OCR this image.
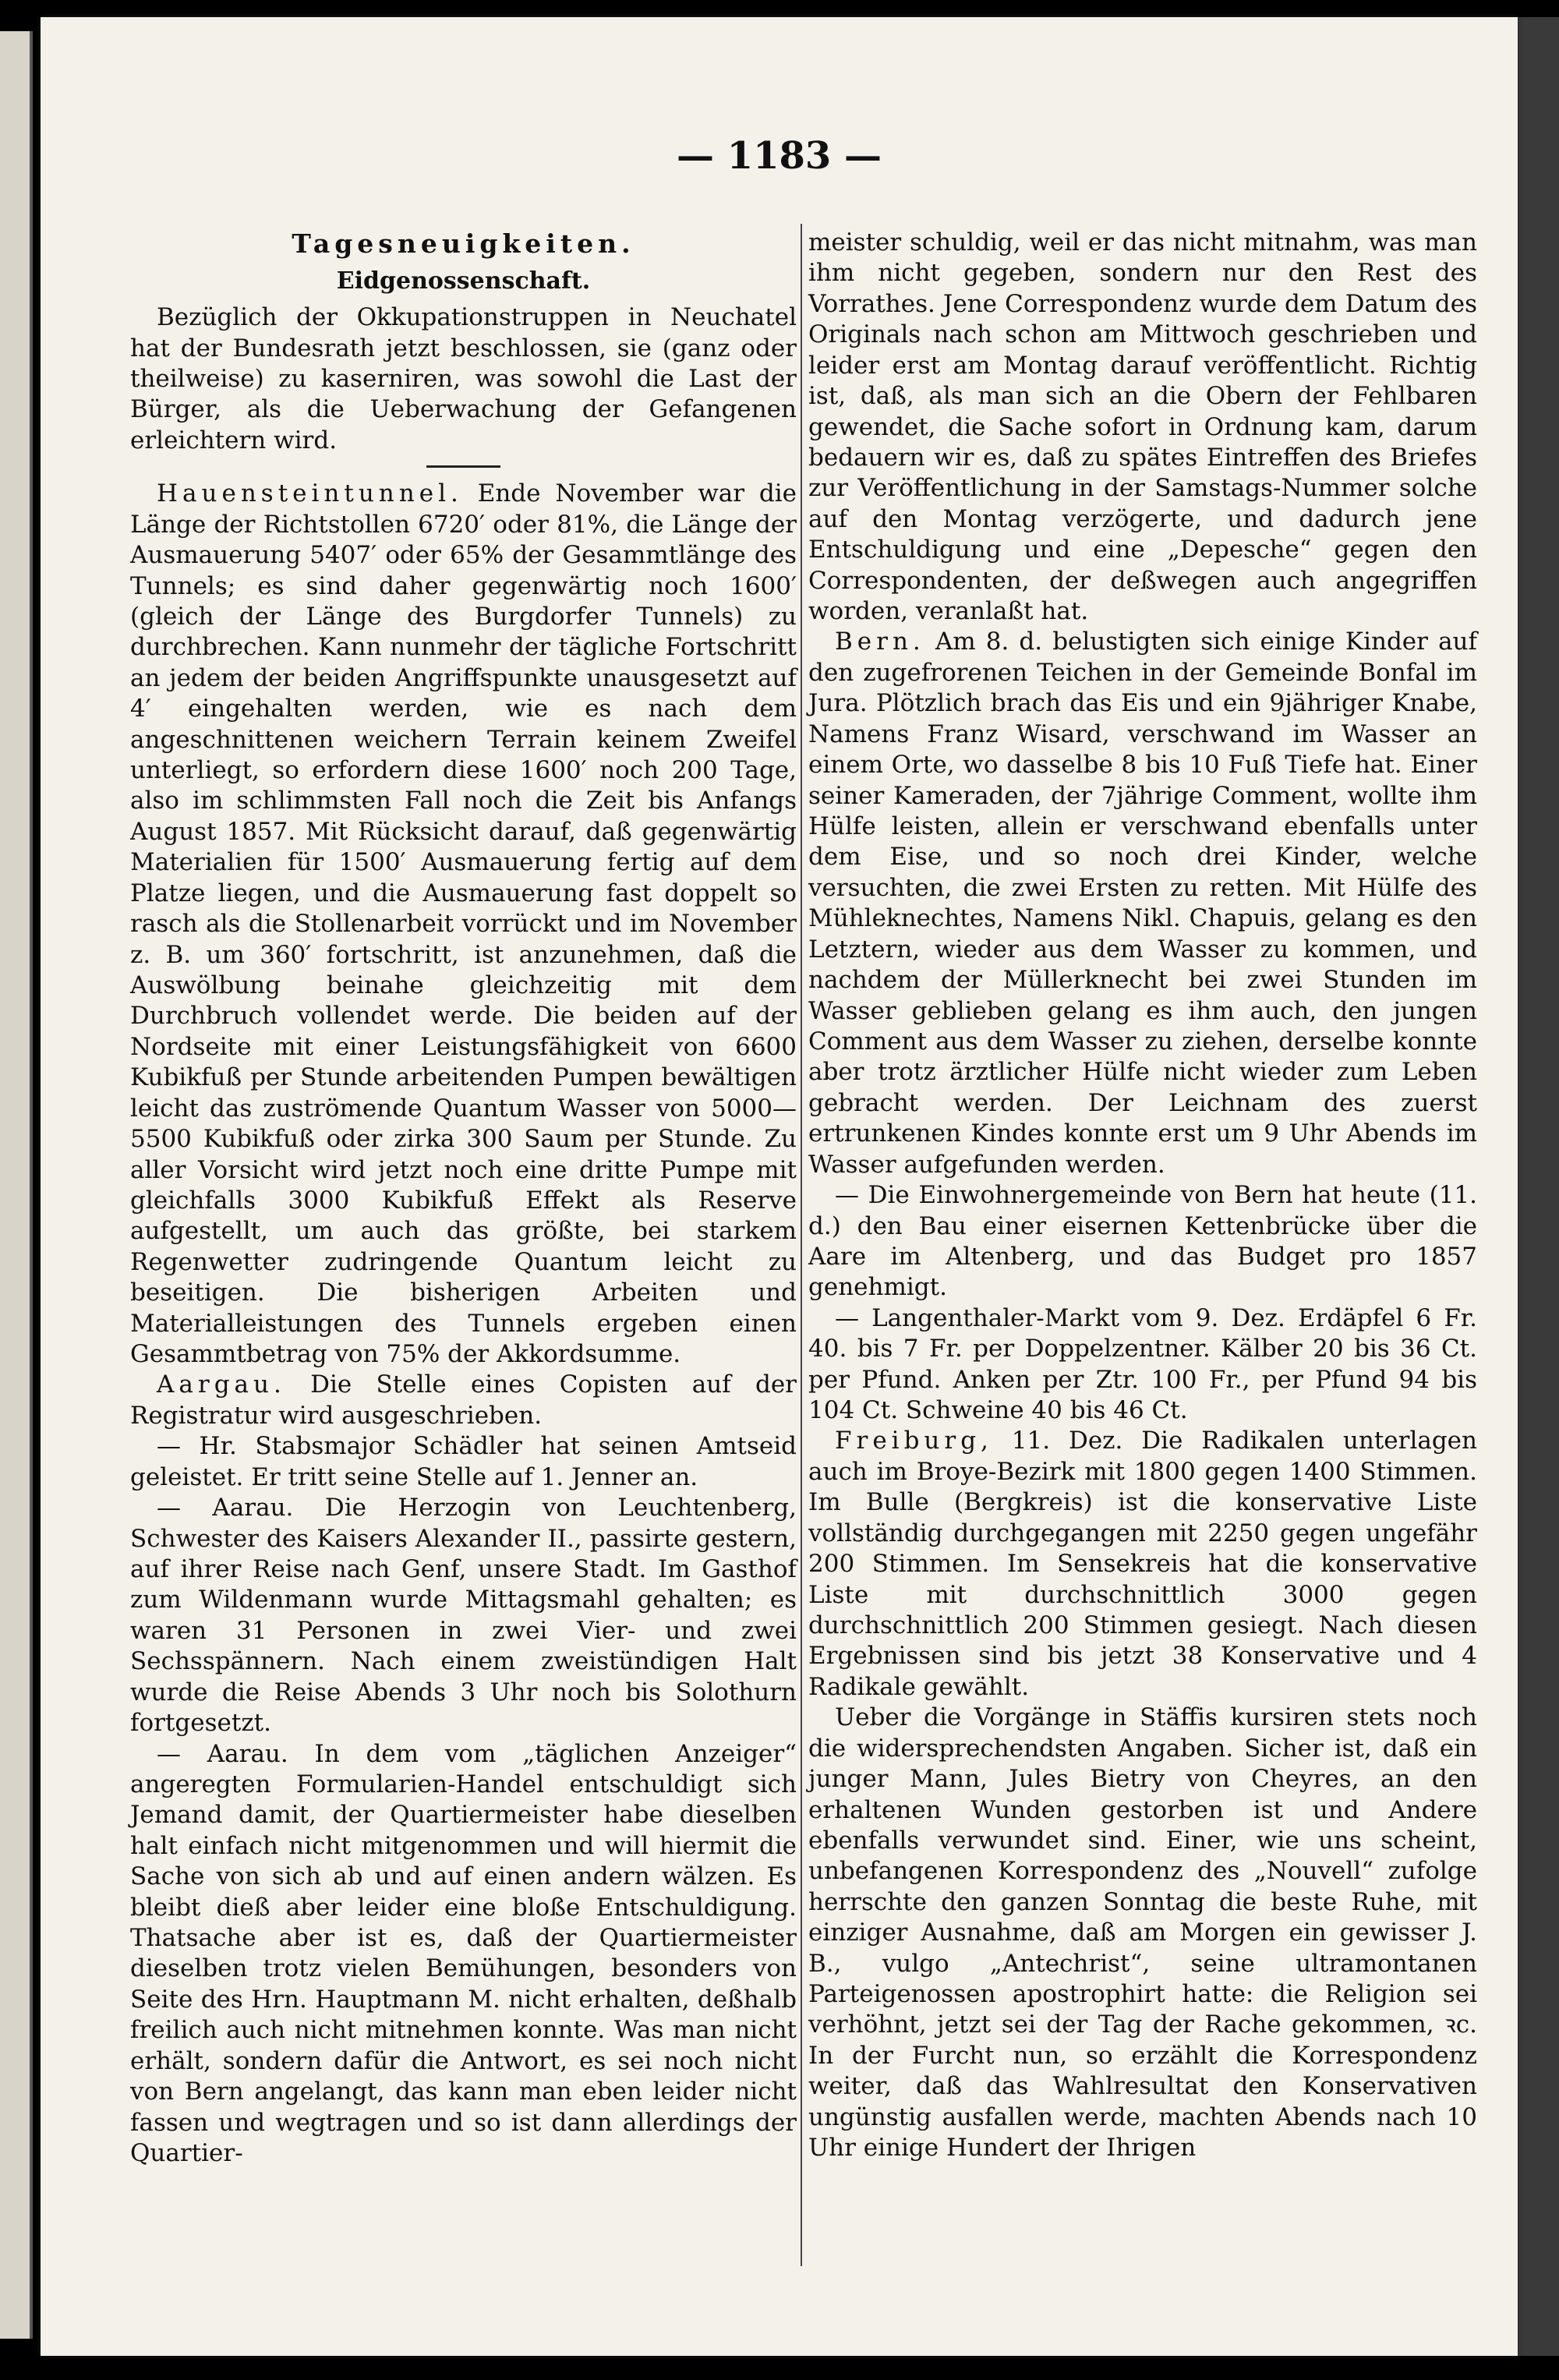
— 1183 —
Tagesneuigkeiten.
Eidgenossenschaft.

Bezüglich der Okkupationstruppen in Neuchatel hat der Bundesrath jetzt beschlossen, sie (ganz oder theilweise) zu kaserniren, was sowohl die Last der Bürger, als die Ueberwachung der Gefangenen erleichtern wird.

Hauensteintunnel. Ende November war die Länge der Richtstollen 6720′ oder 81%, die Länge der Ausmauerung 5407′ oder 65% der Gesammtlänge des Tunnels; es sind daher gegenwärtig noch 1600′ (gleich der Länge des Burgdorfer Tunnels) zu durchbrechen. Kann nunmehr der tägliche Fortschritt an jedem der beiden Angriffspunkte unausgesetzt auf 4′ eingehalten werden, wie es nach dem angeschnittenen weichern Terrain keinem Zweifel unterliegt, so erfordern diese 1600′ noch 200 Tage, also im schlimmsten Fall noch die Zeit bis Anfangs August 1857. Mit Rücksicht darauf, daß gegenwärtig Materialien für 1500′ Ausmauerung fertig auf dem Platze liegen, und die Ausmauerung fast doppelt so rasch als die Stollenarbeit vorrückt und im November z. B. um 360′ fortschritt, ist anzunehmen, daß die Auswölbung beinahe gleichzeitig mit dem Durchbruch vollendet werde. Die beiden auf der Nordseite mit einer Leistungsfähigkeit von 6600 Kubikfuß per Stunde arbeitenden Pumpen bewältigen leicht das zuströmende Quantum Wasser von 5000—5500 Kubikfuß oder zirka 300 Saum per Stunde. Zu aller Vorsicht wird jetzt noch eine dritte Pumpe mit gleichfalls 3000 Kubikfuß Effekt als Reserve aufgestellt, um auch das größte, bei starkem Regenwetter zudringende Quantum leicht zu beseitigen. Die bisherigen Arbeiten und Materialleistungen des Tunnels ergeben einen Gesammtbetrag von 75% der Akkordsumme.

Aargau. Die Stelle eines Copisten auf der Registratur wird ausgeschrieben.

— Hr. Stabsmajor Schädler hat seinen Amtseid geleistet. Er tritt seine Stelle auf 1. Jenner an.

— Aarau. Die Herzogin von Leuchtenberg, Schwester des Kaisers Alexander II., passirte gestern, auf ihrer Reise nach Genf, unsere Stadt. Im Gasthof zum Wildenmann wurde Mittagsmahl gehalten; es waren 31 Personen in zwei Vier- und zwei Sechsspännern. Nach einem zweistündigen Halt wurde die Reise Abends 3 Uhr noch bis Solothurn fortgesetzt.

— Aarau. In dem vom „täglichen Anzeiger“ angeregten Formularien-Handel entschuldigt sich Jemand damit, der Quartiermeister habe dieselben halt einfach nicht mitgenommen und will hiermit die Sache von sich ab und auf einen andern wälzen. Es bleibt dieß aber leider eine bloße Entschuldigung. Thatsache aber ist es, daß der Quartiermeister dieselben trotz vielen Bemühungen, besonders von Seite des Hrn. Hauptmann M. nicht erhalten, deßhalb freilich auch nicht mitnehmen konnte. Was man nicht erhält, sondern dafür die Antwort, es sei noch nicht von Bern angelangt, das kann man eben leider nicht fassen und wegtragen und so ist dann allerdings der Quartier-

meister schuldig, weil er das nicht mitnahm, was man ihm nicht gegeben, sondern nur den Rest des Vorrathes. Jene Correspondenz wurde dem Datum des Originals nach schon am Mittwoch geschrieben und leider erst am Montag darauf veröffentlicht. Richtig ist, daß, als man sich an die Obern der Fehlbaren gewendet, die Sache sofort in Ordnung kam, darum bedauern wir es, daß zu spätes Eintreffen des Briefes zur Veröffentlichung in der Samstags-Nummer solche auf den Montag verzögerte, und dadurch jene Entschuldigung und eine „Depesche“ gegen den Correspondenten, der deßwegen auch angegriffen worden, veranlaßt hat.

Bern. Am 8. d. belustigten sich einige Kinder auf den zugefrorenen Teichen in der Gemeinde Bonfal im Jura. Plötzlich brach das Eis und ein 9jähriger Knabe, Namens Franz Wisard, verschwand im Wasser an einem Orte, wo dasselbe 8 bis 10 Fuß Tiefe hat. Einer seiner Kameraden, der 7jährige Comment, wollte ihm Hülfe leisten, allein er verschwand ebenfalls unter dem Eise, und so noch drei Kinder, welche versuchten, die zwei Ersten zu retten. Mit Hülfe des Mühleknechtes, Namens Nikl. Chapuis, gelang es den Letztern, wieder aus dem Wasser zu kommen, und nachdem der Müllerknecht bei zwei Stunden im Wasser geblieben gelang es ihm auch, den jungen Comment aus dem Wasser zu ziehen, derselbe konnte aber trotz ärztlicher Hülfe nicht wieder zum Leben gebracht werden. Der Leichnam des zuerst ertrunkenen Kindes konnte erst um 9 Uhr Abends im Wasser aufgefunden werden.

— Die Einwohnergemeinde von Bern hat heute (11. d.) den Bau einer eisernen Kettenbrücke über die Aare im Altenberg, und das Budget pro 1857 genehmigt.

— Langenthaler-Markt vom 9. Dez. Erdäpfel 6 Fr. 40. bis 7 Fr. per Doppelzentner. Kälber 20 bis 36 Ct. per Pfund. Anken per Ztr. 100 Fr., per Pfund 94 bis 104 Ct. Schweine 40 bis 46 Ct.

Freiburg, 11. Dez. Die Radikalen unterlagen auch im Broye-Bezirk mit 1800 gegen 1400 Stimmen. Im Bulle (Bergkreis) ist die konservative Liste vollständig durchgegangen mit 2250 gegen ungefähr 200 Stimmen. Im Sensekreis hat die konservative Liste mit durchschnittlich 3000 gegen durchschnittlich 200 Stimmen gesiegt. Nach diesen Ergebnissen sind bis jetzt 38 Konservative und 4 Radikale gewählt.

Ueber die Vorgänge in Stäffis kursiren stets noch die widersprechendsten Angaben. Sicher ist, daß ein junger Mann, Jules Bietry von Cheyres, an den erhaltenen Wunden gestorben ist und Andere ebenfalls verwundet sind. Einer, wie uns scheint, unbefangenen Korrespondenz des „Nouvell“ zufolge herrschte den ganzen Sonntag die beste Ruhe, mit einziger Ausnahme, daß am Morgen ein gewisser J. B., vulgo „Antechrist“, seine ultramontanen Parteigenossen apostrophirt hatte: die Religion sei verhöhnt, jetzt sei der Tag der Rache gekommen, ꝛc. In der Furcht nun, so erzählt die Korrespondenz weiter, daß das Wahlresultat den Konservativen ungünstig ausfallen werde, machten Abends nach 10 Uhr einige Hundert der Ihrigen
